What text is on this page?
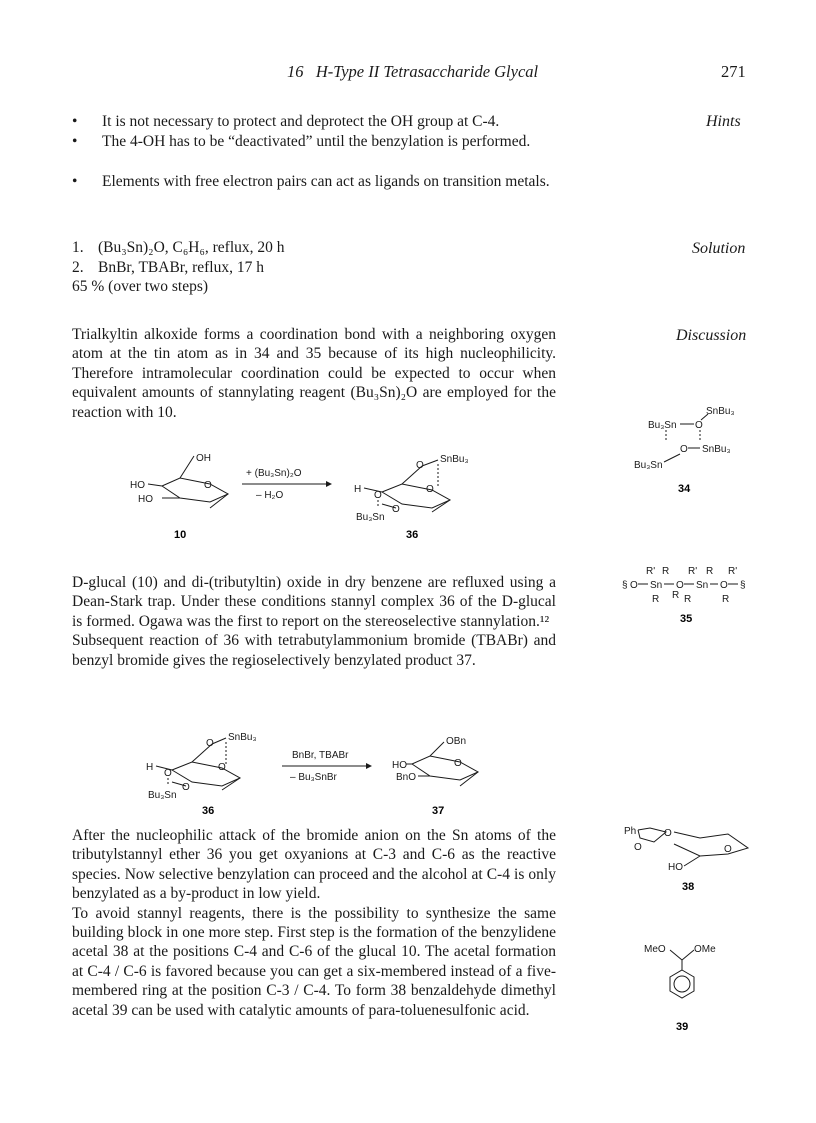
16 H-Type II Tetrasaccharide Glycal	271
Hints
Solution
Discussion
• It is not necessary to protect and deprotect the OH group at C-4.
• The 4-OH has to be “deactivated” until the benzylation is performed.
• Elements with free electron pairs can act as ligands on transition metals.
1. (Bu₃Sn)₂O, C₆H₆, reflux, 20 h
2. BnBr, TBABr, reflux, 17 h
65 % (over two steps)
Trialkyltin alkoxide forms a coordination bond with a neighboring oxygen atom at the tin atom as in 34 and 35 because of its high nucleophilicity. Therefore intramolecular coordination could be expected to occur when equivalent amounts of stannylating reagent (Bu₃Sn)₂O are employed for the reaction with 10.
OH
HO
HO
O
+ (Bu₃Sn)₂O
– H₂O
SnBu₃
O
H
O
O
Bu₃Sn
O
10	36

D-glucal (10) and di-(tributyltin) oxide in dry benzene are refluxed using a Dean-Stark trap. Under these conditions stannyl complex 36 of the D-glucal is formed. Ogawa was the first to report on the stereoselective stannylation.¹²

Subsequent reaction of 36 with tetrabutylammonium bromide (TBABr) and benzyl bromide gives the regioselectively benzylated product 37.

SnBu₃
O
H
O
O
Bu₃Sn
O
BnBr, TBABr
– Bu₃SnBr
OBn
HO
BnO
O
36	37

After the nucleophilic attack of the bromide anion on the Sn atoms of the tributylstannyl ether 36 you get oxyanions at C-3 and C-6 as the reactive species. Now selective benzylation can proceed and the alcohol at C-4 is only benzylated as a by-product in low yield.

To avoid stannyl reagents, there is the possibility to synthesize the same building block in one more step. First step is the formation of the benzylidene acetal 38 at the positions C-4 and C-6 of the glucal 10. The acetal formation at C-4 / C-6 is favored because you can get a six-membered instead of a five-membered ring at the position C-3 / C-4. To form 38 benzaldehyde dimethyl acetal 39 can be used with catalytic amounts of para-toluenesulfonic acid.

SnBu₃
Bu₃Sn O
O SnBu₃
Bu₃Sn
34
§ O Sn O Sn O §
R' R R' R R'
R R R	R
35
Ph	O
O	O
HO
38
MeO	OMe
39
